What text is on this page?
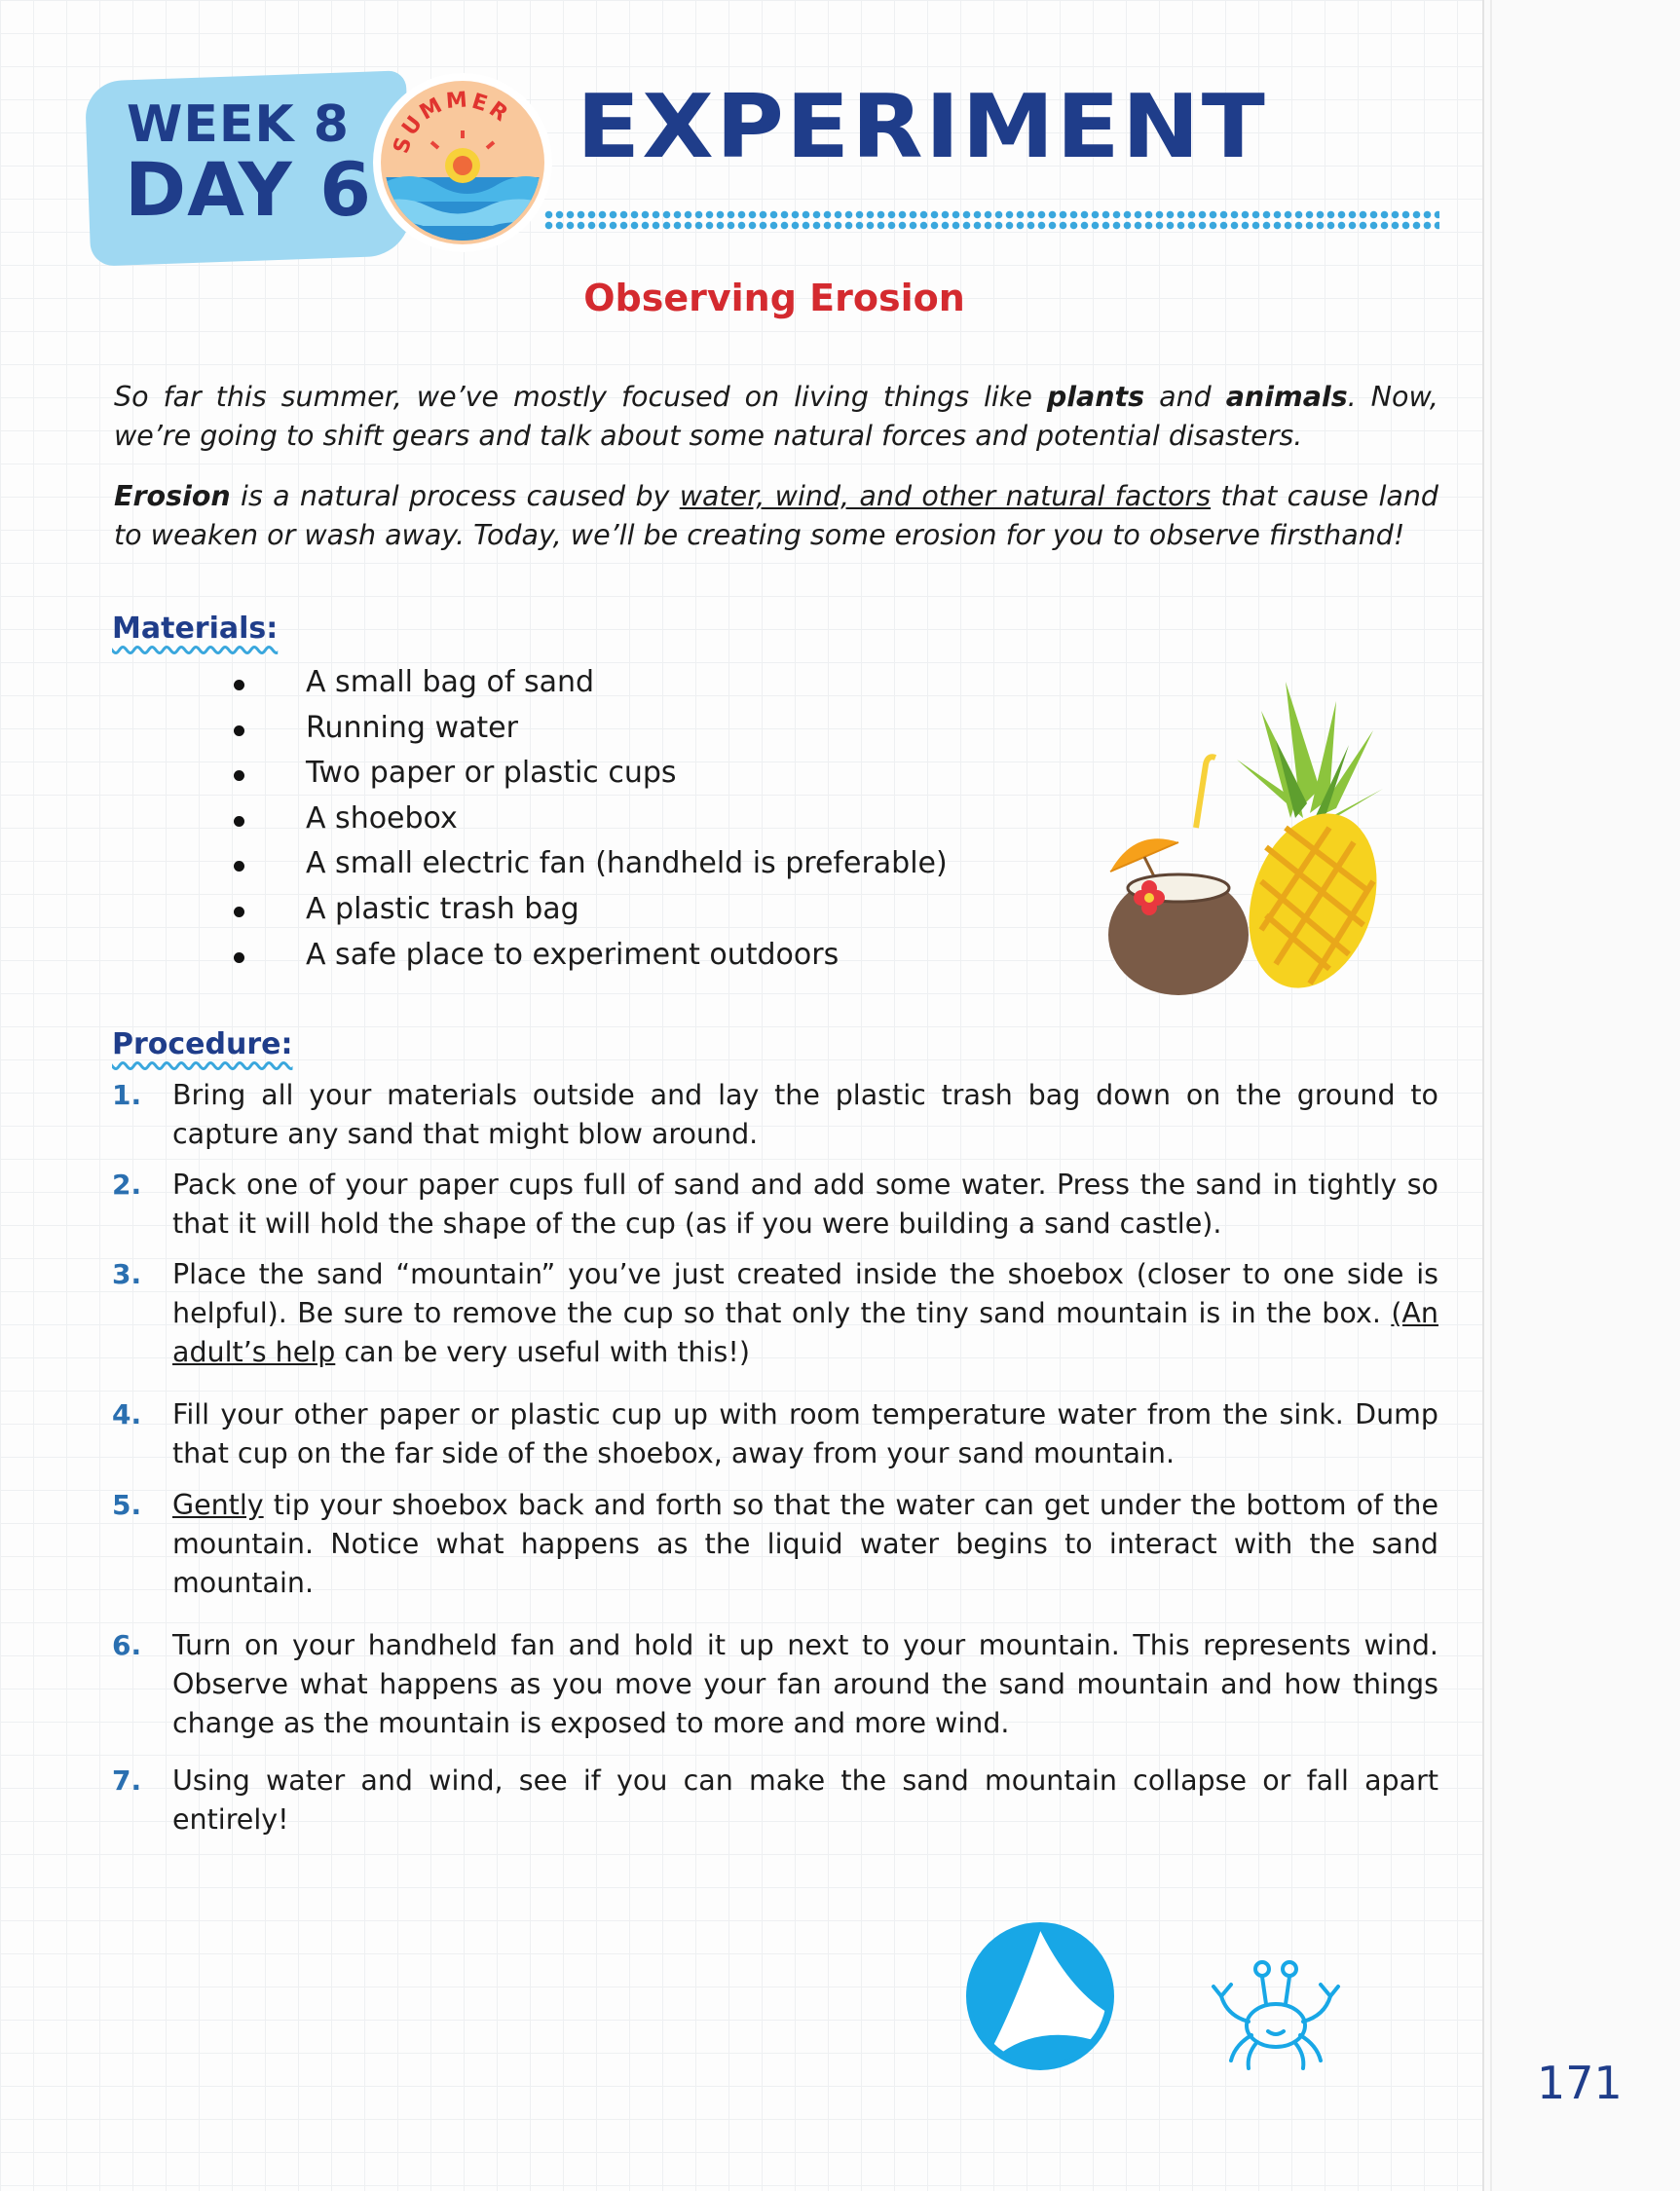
WEEK 8
DAY 6
SUMMER EXPERIMENT
Observing Erosion

So far this summer, we’ve mostly focused on living things like plants and animals. Now, we’re going to shift gears and talk about some natural forces and potential disasters.

Erosion is a natural process caused by water, wind, and other natural factors that cause land to weaken or wash away. Today, we’ll be creating some erosion for you to observe firsthand!

Materials:
A small bag of sand
Running water
Two paper or plastic cups
A shoebox
A small electric fan (handheld is preferable)
A plastic trash bag
A safe place to experiment outdoors
Procedure:
1. Bring all your materials outside and lay the plastic trash bag down on the ground to capture any sand that might blow around.
2. Pack one of your paper cups full of sand and add some water. Press the sand in tightly so that it will hold the shape of the cup (as if you were building a sand castle).
3. Place the sand “mountain” you’ve just created inside the shoebox (closer to one side is helpful). Be sure to remove the cup so that only the tiny sand mountain is in the box. (An adult’s help can be very useful with this!)
4. Fill your other paper or plastic cup up with room temperature water from the sink. Dump that cup on the far side of the shoebox, away from your sand mountain.
5. Gently tip your shoebox back and forth so that the water can get under the bottom of the mountain. Notice what happens as the liquid water begins to interact with the sand mountain.
6. Turn on your handheld fan and hold it up next to your mountain. This represents wind. Observe what happens as you move your fan around the sand mountain and how things change as the mountain is exposed to more and more wind.
7. Using water and wind, see if you can make the sand mountain collapse or fall apart entirely!
171
